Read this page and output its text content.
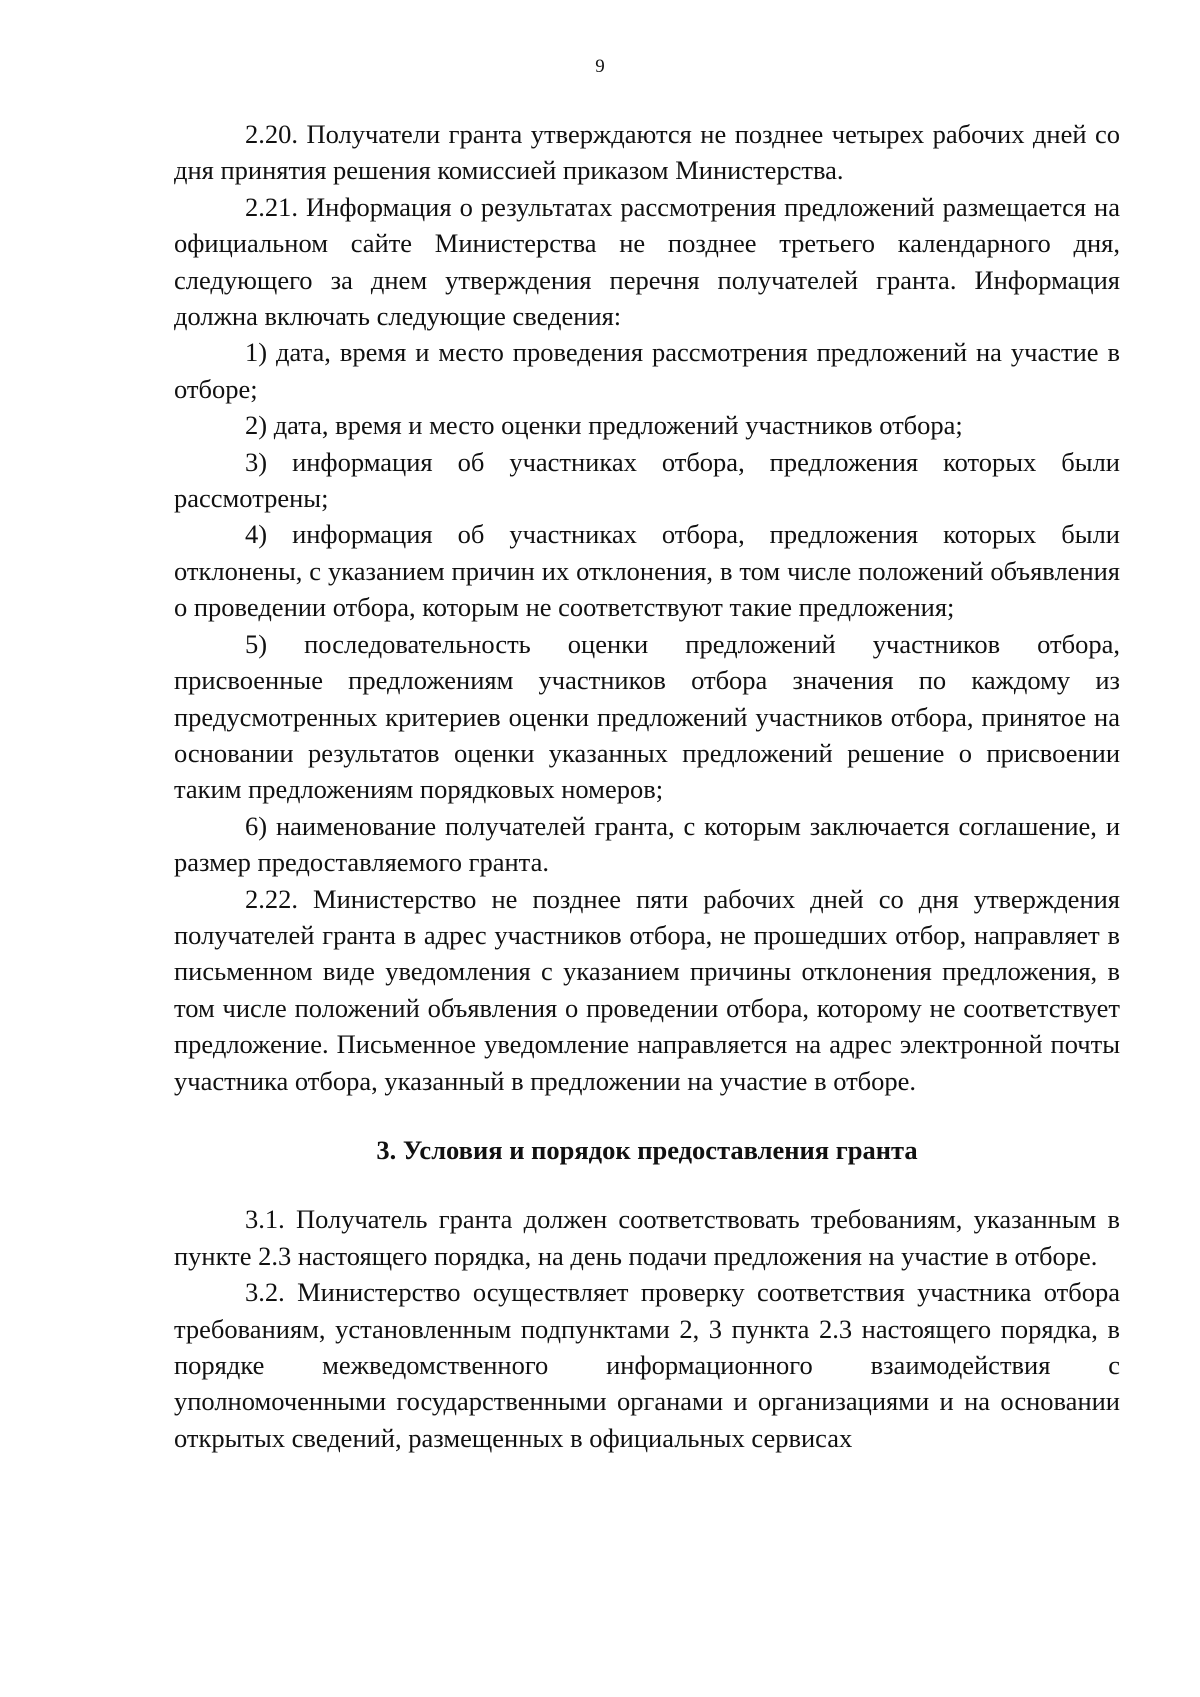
9

2.20. Получатели гранта утверждаются не позднее четырех рабочих дней со дня принятия решения комиссией приказом Министерства.

2.21. Информация о результатах рассмотрения предложений размещается на официальном сайте Министерства не позднее третьего календарного дня, следующего за днем утверждения перечня получателей гранта. Информация должна включать следующие сведения:

1) дата, время и место проведения рассмотрения предложений на участие в отборе;

2) дата, время и место оценки предложений участников отбора;

3) информация об участниках отбора, предложения которых были рассмотрены;

4) информация об участниках отбора, предложения которых были отклонены, с указанием причин их отклонения, в том числе положений объявления о проведении отбора, которым не соответствуют такие предложения;

5) последовательность оценки предложений участников отбора, присвоенные предложениям участников отбора значения по каждому из предусмотренных критериев оценки предложений участников отбора, принятое на основании результатов оценки указанных предложений решение о присвоении таким предложениям порядковых номеров;

6) наименование получателей гранта, с которым заключается соглашение, и размер предоставляемого гранта.

2.22. Министерство не позднее пяти рабочих дней со дня утверждения получателей гранта в адрес участников отбора, не прошедших отбор, направляет в письменном виде уведомления с указанием причины отклонения предложения, в том числе положений объявления о проведении отбора, которому не соответствует предложение. Письменное уведомление направляется на адрес электронной почты участника отбора, указанный в предложении на участие в отборе.

3. Условия и порядок предоставления гранта

3.1. Получатель гранта должен соответствовать требованиям, указанным в пункте 2.3 настоящего порядка, на день подачи предложения на участие в отборе.

3.2. Министерство осуществляет проверку соответствия участника отбора требованиям, установленным подпунктами 2, 3 пункта 2.3 настоящего порядка, в порядке межведомственного информационного взаимодействия с уполномоченными государственными органами и организациями и на основании открытых сведений, размещенных в официальных сервисах
